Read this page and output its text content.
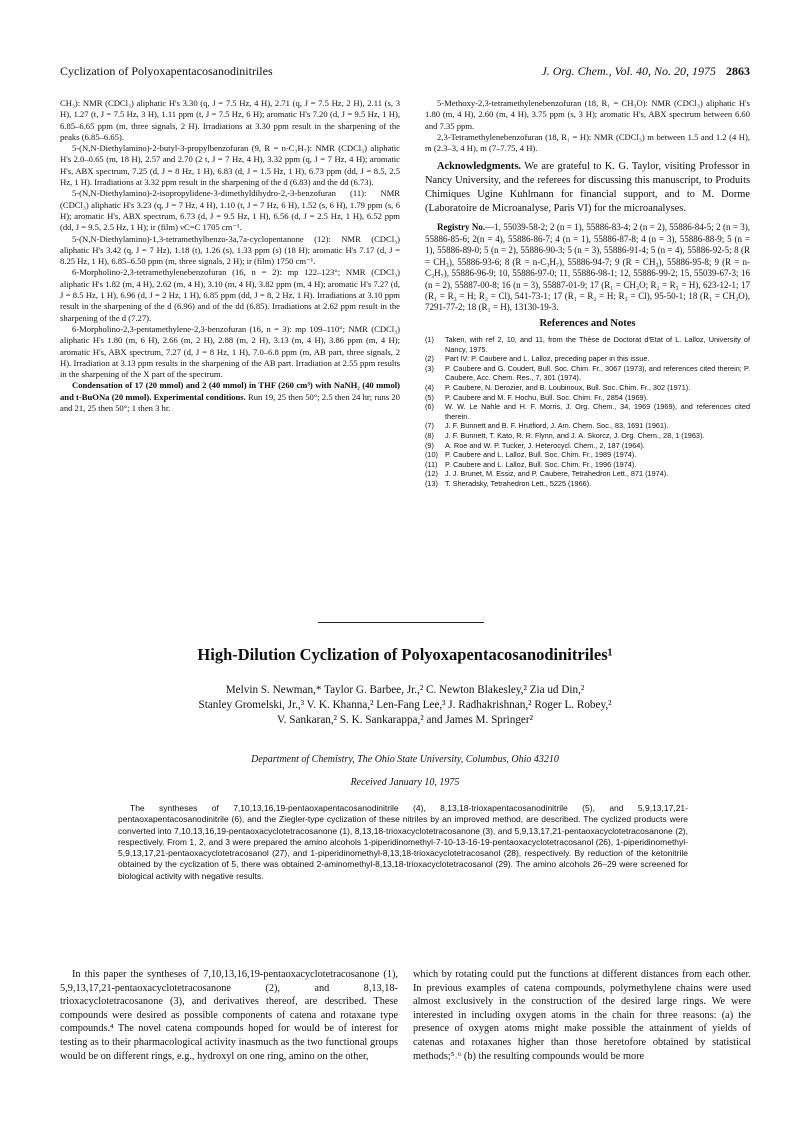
Cyclization of Polyoxapentacosanodinitriles	J. Org. Chem., Vol. 40, No. 20, 1975 2863

CH₃): NMR (CDCl₃) aliphatic H's 3.30 (q, J = 7.5 Hz, 4 H), 2.71 (q, J = 7.5 Hz, 2 H), 2.11 (s, 3 H), 1.27 (t, J = 7.5 Hz, 3 H), 1.11 ppm (t, J = 7.5 Hz, 6 H); aromatic H's 7.20 (d, J = 9.5 Hz, 1 H), 6.85–6.65 ppm (m, three signals, 2 H). Irradiations at 3.30 ppm result in the sharpening of the peaks (6.85–6.65).

5-(N,N-Diethylamino)-2-butyl-3-propylbenzofuran (9, R = n-C₃H₇): NMR (CDCl₃) aliphatic H's 2.0–0.65 (m, 18 H), 2.57 and 2.70 (2 t, J = 7 Hz, 4 H), 3.32 ppm (q, J = 7 Hz, 4 H); aromatic H's, ABX spectrum, 7.25 (d, J = 8 Hz, 1 H), 6.83 (d, J = 1.5 Hz, 1 H), 6.73 ppm (dd, J = 8.5, 2.5 Hz, 1 H). Irradiations at 3.32 ppm result in the sharpening of the d (6.83) and the dd (6.73).

5-(N,N-Diethylamino)-2-isopropylidene-3-dimethyldihydro-2,-3-benzofuran (11): NMR (CDCl₃) aliphatic H's 3.23 (q, J = 7 Hz, 4 H), 1.10 (t, J = 7 Hz, 6 H), 1.52 (s, 6 H), 1.79 ppm (s, 6 H); aromatic H's, ABX spectrum, 6.73 (d, J = 9.5 Hz, 1 H), 6.56 (d, J = 2.5 Hz, 1 H), 6.52 ppm (dd, J = 9.5, 2.5 Hz, 1 H); ir (film) νC=C 1705 cm⁻¹.

5-(N,N-Diethylamino)-1,3-tetramethylbenzo-3a,7a-cyclopentanone (12): NMR (CDCl₃) aliphatic H's 3.42 (q, J = 7 Hz), 1.18 (t), 1.26 (s), 1.33 ppm (s) (18 H); aromatic H's 7.17 (d, J = 8.25 Hz, 1 H), 6.85–6.50 ppm (m, three signals, 2 H); ir (film) 1750 cm⁻¹.

6-Morpholino-2,3-tetramethylenebenzofuran (16, n = 2): mp 122–123°; NMR (CDCl₃) aliphatic H's 1.82 (m, 4 H), 2.62 (m, 4 H), 3.10 (m, 4 H), 3.82 ppm (m, 4 H); aromatic H's 7.27 (d, J = 8.5 Hz, 1 H), 6.96 (d, J = 2 Hz, 1 H), 6.85 ppm (dd, J = 8, 2 Hz, 1 H). Irradiations at 3.10 ppm result in the sharpening of the d (6.96) and of the dd (6.85). Irradiations at 2.62 ppm result in the sharpening of the d (7.27).

6-Morpholino-2,3-pentamethylene-2,3-benzofuran (16, n = 3): mp 109–110°; NMR (CDCl₃) aliphatic H's 1.80 (m, 6 H), 2.66 (m, 2 H), 2.88 (m, 2 H), 3.13 (m, 4 H), 3.86 ppm (m, 4 H); aromatic H's, ABX spectrum, 7.27 (d, J = 8 Hz, 1 H), 7.0–6.8 ppm (m, AB part, three signals, 2 H). Irradiation at 3.13 ppm results in the sharpening of the AB part. Irradiation at 2.55 ppm results in the sharpening of the X part of the spectrum.

Condensation of 17 (20 mmol) and 2 (40 mmol) in THF (260 cm³) with NaNH₂ (40 mmol) and t-BuONa (20 mmol). Experimental conditions. Run 19, 25 then 50°; 2.5 then 24 hr; runs 20 and 21, 25 then 50°; 1 then 3 hr.

5-Methoxy-2,3-tetramethylenebenzofuran (18, R₁ = CH₃O): NMR (CDCl₃) aliphatic H's 1.80 (m, 4 H), 2.60 (m, 4 H), 3.75 ppm (s, 3 H); aromatic H's, ABX spectrum between 6.60 and 7.35 ppm.

2,3-Tetramethylenebenzofuran (18, R₁ = H): NMR (CDCl₃) m between 1.5 and 1.2 (4 H), m (2.3–3, 4 H), m (7–7.75, 4 H).

Acknowledgments. We are grateful to K. G. Taylor, visiting Professor in Nancy University, and the referees for discussing this manuscript, to Produits Chimiques Ugine Kuhlmann for financial support, and to M. Dorme (Laboratoire de Microanalyse, Paris VI) for the microanalyses.

Registry No.—1, 55039-58-2; 2 (n = 1), 55886-83-4; 2 (n = 2), 55886-84-5; 2 (n = 3), 55886-85-6; 2(n = 4), 55886-86-7; 4 (n = 1), 55886-87-8; 4 (n = 3), 55886-88-9; 5 (n = 1), 55886-89-0; 5 (n = 2), 55886-90-3; 5 (n = 3), 55886-91-4; 5 (n = 4), 55886-92-5; 8 (R = CH₃), 55886-93-6; 8 (R = n-C₃H₇), 55886-94-7; 9 (R = CH₃), 55886-95-8; 9 (R = n-C₃H₇), 55886-96-9; 10, 55886-97-0; 11, 55886-98-1; 12, 55886-99-2; 15, 55039-67-3; 16 (n = 2), 55887-00-8; 16 (n = 3), 55887-01-9; 17 (R₁ = CH₃O; R₂ = R₃ = H), 623-12-1; 17 (R₁ = R₃ = H; R₂ = Cl), 541-73-1; 17 (R₁ = R₂ = H; R₃ = Cl), 95-50-1; 18 (R₁ = CH₃O), 7291-77-2; 18 (R₁ = H), 13130-19-3.

References and Notes
(1)	Taken, with ref 2, 10, and 11, from the Thèse de Doctorat d'Etat of L. Lalloz, University of Nancy, 1975.
(2)	Part IV: P. Caubere and L. Lalloz, preceding paper in this issue.
(3)	P. Caubere and G. Coudert, Bull. Soc. Chim. Fr., 3067 (1973), and references cited therein; P. Caubere, Acc. Chem. Res., 7, 301 (1974).
(4)	P. Caubere, N. Derozier, and B. Loubinoux, Bull. Soc. Chim. Fr., 302 (1971).
(5)	P. Caubere and M. F. Hochu, Bull. Soc. Chim. Fr., 2854 (1969).
(6)	W. W. Le Nahle and H. F. Morris, J. Org. Chem., 34, 1969 (1969), and references cited therein.
(7)	J. F. Bunnett and B. F. Hrutfiord, J. Am. Chem. Soc., 83, 1691 (1961).
(8)	J. F. Bunnett, T. Kato, R. R. Flynn, and J. A. Skorcz, J. Org. Chem., 28, 1 (1963).
(9)	A. Roe and W. P. Tucker, J. Heterocycl. Chem., 2, 187 (1964).
(10) P. Caubere and L. Lalloz, Bull. Soc. Chim. Fr., 1989 (1974).
(11)	P. Caubere and L. Lalloz, Bull. Soc. Chim. Fr., 1996 (1974).
(12) J. J. Brunet, M. Essiz, and P. Caubere, Tetrahedron Lett., 871 (1974).
(13) T. Sheradsky, Tetrahedron Lett., 5225 (1966).
High-Dilution Cyclization of Polyoxapentacosanodinitriles¹
Melvin S. Newman,* Taylor G. Barbee, Jr.,² C. Newton Blakesley,² Zia ud Din,²
Stanley Gromelski, Jr.,³ V. K. Khanna,² Len-Fang Lee,³ J. Radhakrishnan,² Roger L. Robey,²
V. Sankaran,² S. K. Sankarappa,² and James M. Springer²
Department of Chemistry, The Ohio State University, Columbus, Ohio 43210
Received January 10, 1975

The syntheses of 7,10,13,16,19-pentaoxapentacosanodinitrile (4), 8,13,18-trioxapentacosanodinitrile (5), and 5,9,13,17,21-pentaoxapentacosanodinitrile (6), and the Ziegler-type cyclization of these nitriles by an improved method, are described. The cyclized products were converted into 7,10,13,16,19-pentaoxacyclotetracosanone (1), 8,13,18-trioxacyclotetracosanone (3), and 5,9,13,17,21-pentaoxacyclotetracosanone (2), respectively. From 1, 2, and 3 were prepared the amino alcohols 1-piperidinomethyl-7-10-13-16-19-pentaoxacyclotetracosanol (26), 1-piperidinomethyl-5,9,13,17,21-pentaoxacyclotetracosanol (27), and 1-piperidinomethyl-8,13,18-trioxacyclotetracosanol (28), respectively. By reduction of the ketonitrile obtained by the cyclization of 5, there was obtained 2-aminomethyl-8,13,18-trioxacyclotetracosanol (29). The amino alcohols 26–29 were screened for biological activity with negative results.

In this paper the syntheses of 7,10,13,16,19-pentaoxacyclotetracosanone (1), 5,9,13,17,21-pentaoxacyclotetracosanone (2), and 8,13,18-trioxacyclotetracosanone (3), and derivatives thereof, are described. These compounds were desired as possible components of catena and rotaxane type compounds.⁴ The novel catena compounds hoped for would be of interest for testing as to their pharmacological activity inasmuch as the two functional groups would be on different rings, e.g., hydroxyl on one ring, amino on the other,

which by rotating could put the functions at different distances from each other. In previous examples of catena compounds, polymethylene chains were used almost exclusively in the construction of the desired large rings. We were interested in including oxygen atoms in the chain for three reasons: (a) the presence of oxygen atoms might make possible the attainment of yields of catenas and rotaxanes higher than those heretofore obtained by statistical methods;⁵˒⁶ (b) the resulting compounds would be more
